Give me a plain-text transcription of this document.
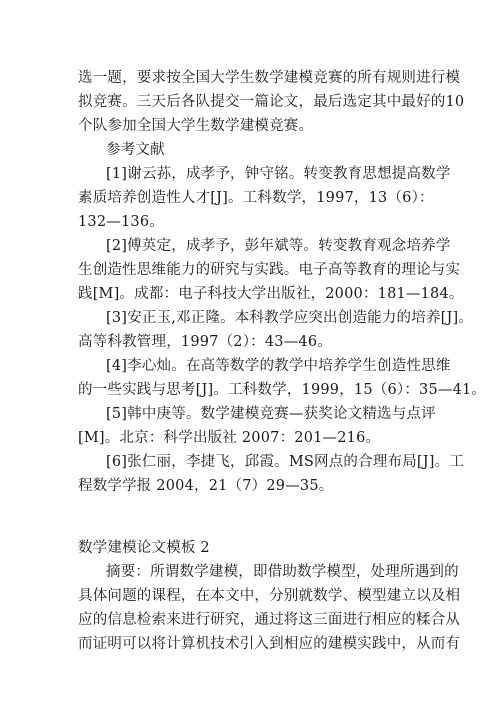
选一题，要求按全国大学生数学建模竞赛的所有规则进行模
拟竞赛。三天后各队提交一篇论文，最后选定其中最好的10
个队参加全国大学生数学建模竞赛。
参考文献
[1]谢云荪，成孝予，钟守铭。转变教育思想提高数学
素质培养创造性人才[J]。工科数学，1997，13（6）：
132—136。
[2]傅英定，成孝予，彭年斌等。转变教育观念培养学
生创造性思维能力的研究与实践。电子高等教育的理论与实
践[M]。成都：电子科技大学出版社，2000：181—184。
[3]安正玉,邓正隆。本科教学应突出创造能力的培养[J]。
高等科教管理，1997（2）：43—46。
[4]李心灿。在高等数学的教学中培养学生创造性思维
的一些实践与思考[J]。工科数学，1999，15（6）：35—41。
[5]韩中庚等。数学建模竞赛—获奖论文精选与点评
[M]。北京：科学出版社 2007：201—216。
[6]张仁丽，李捷飞，邱霞。MS网点的合理布局[J]。工
程数学学报 2004，21（7）29—35。
数学建模论文模板 2
摘要：所谓数学建模，即借助数学模型，处理所遇到的
具体问题的课程，在本文中，分别就数学、模型建立以及相
应的信息检索来进行研究，通过将这三面进行相应的糅合从
而证明可以将计算机技术引入到相应的建模实践中，从而有
